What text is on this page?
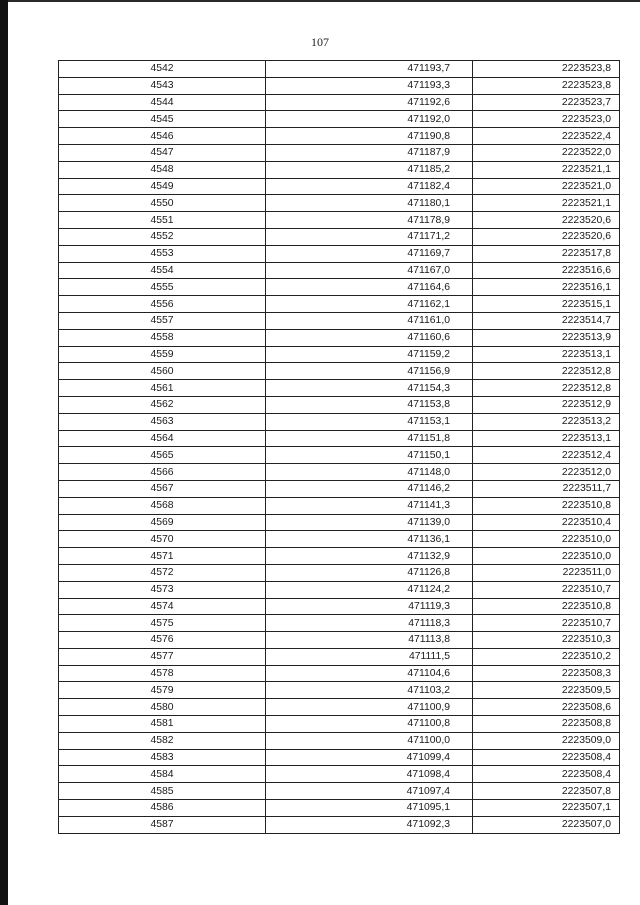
107
4542	471193,7	2223523,8
4543	471193,3	2223523,8
4544	471192,6	2223523,7
4545	471192,0	2223523,0
4546	471190,8	2223522,4
4547	471187,9	2223522,0
4548	471185,2	2223521,1
4549	471182,4	2223521,0
4550	471180,1	2223521,1
4551	471178,9	2223520,6
4552	471171,2	2223520,6
4553	471169,7	2223517,8
4554	471167,0	2223516,6
4555	471164,6	2223516,1
4556	471162,1	2223515,1
4557	471161,0	2223514,7
4558	471160,6	2223513,9
4559	471159,2	2223513,1
4560	471156,9	2223512,8
4561	471154,3	2223512,8
4562	471153,8	2223512,9
4563	471153,1	2223513,2
4564	471151,8	2223513,1
4565	471150,1	2223512,4
4566	471148,0	2223512,0
4567	471146,2	2223511,7
4568	471141,3	2223510,8
4569	471139,0	2223510,4
4570	471136,1	2223510,0
4571	471132,9	2223510,0
4572	471126,8	2223511,0
4573	471124,2	2223510,7
4574	471119,3	2223510,8
4575	471118,3	2223510,7
4576	471113,8	2223510,3
4577	471111,5	2223510,2
4578	471104,6	2223508,3
4579	471103,2	2223509,5
4580	471100,9	2223508,6
4581	471100,8	2223508,8
4582	471100,0	2223509,0
4583	471099,4	2223508,4
4584	471098,4	2223508,4
4585	471097,4	2223507,8
4586	471095,1	2223507,1
4587	471092,3	2223507,0
